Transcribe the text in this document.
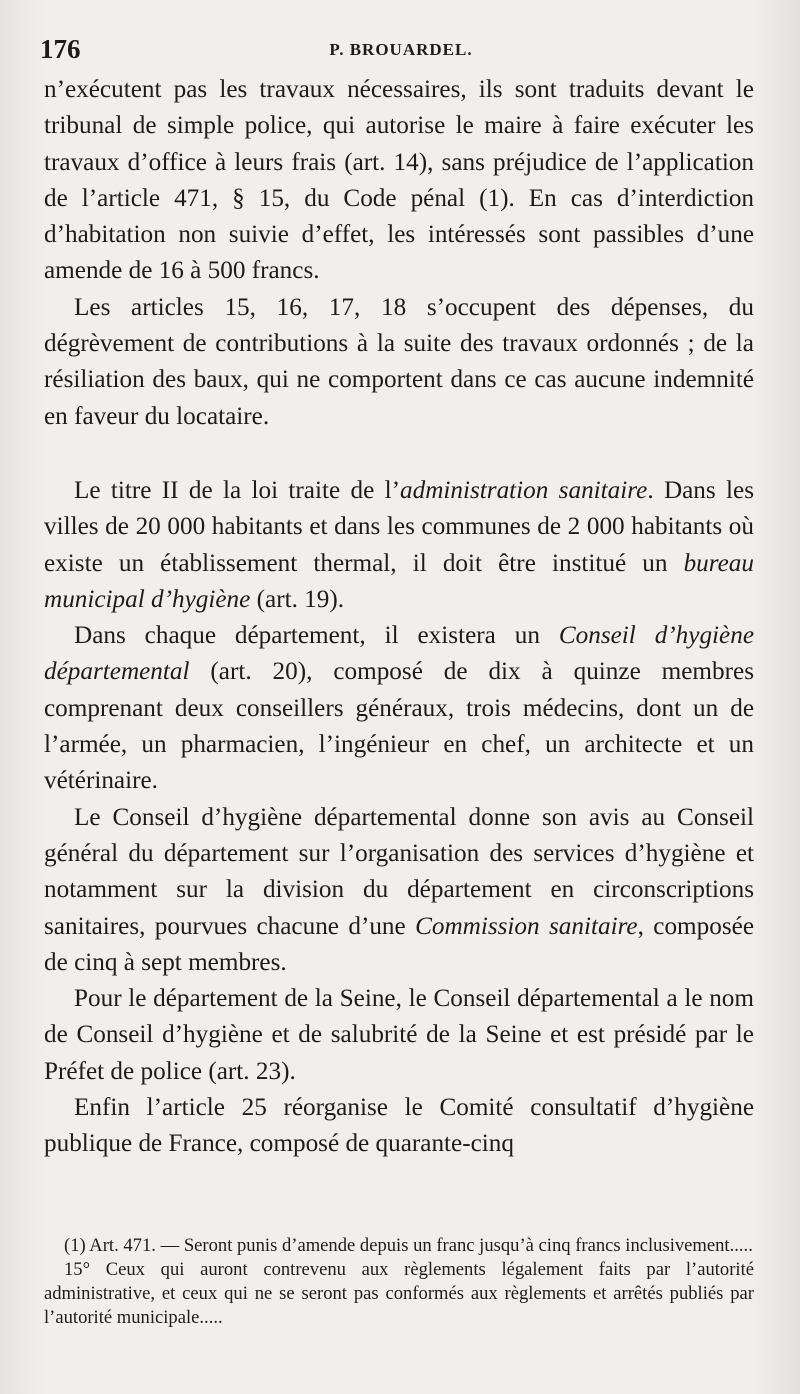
176	P. BROUARDEL.

n’exécutent pas les travaux nécessaires, ils sont traduits devant le tribunal de simple police, qui autorise le maire à faire exécuter les travaux d’office à leurs frais (art. 14), sans préjudice de l’application de l’article 471, § 15, du Code pénal (1). En cas d’interdiction d’habitation non suivie d’effet, les intéressés sont passibles d’une amende de 16 à 500 francs.

Les articles 15, 16, 17, 18 s’occupent des dépenses, du dégrèvement de contributions à la suite des travaux ordonnés ; de la résiliation des baux, qui ne comportent dans ce cas aucune indemnité en faveur du locataire.

Le titre II de la loi traite de l’administration sanitaire. Dans les villes de 20 000 habitants et dans les communes de 2 000 habitants où existe un établissement thermal, il doit être institué un bureau municipal d’hygiène (art. 19).

Dans chaque département, il existera un Conseil d’hygiène départemental (art. 20), composé de dix à quinze membres comprenant deux conseillers généraux, trois médecins, dont un de l’armée, un pharmacien, l’ingénieur en chef, un architecte et un vétérinaire.

Le Conseil d’hygiène départemental donne son avis au Conseil général du département sur l’organisation des services d’hygiène et notamment sur la division du département en circonscriptions sanitaires, pourvues chacune d’une Commission sanitaire, composée de cinq à sept membres.

Pour le département de la Seine, le Conseil départemental a le nom de Conseil d’hygiène et de salubrité de la Seine et est présidé par le Préfet de police (art. 23).

Enfin l’article 25 réorganise le Comité consultatif d’hygiène publique de France, composé de quarante-cinq

(1) Art. 471. — Seront punis d’amende depuis un franc jusqu’à cinq francs inclusivement.....

15° Ceux qui auront contrevenu aux règlements légalement faits par l’autorité administrative, et ceux qui ne se seront pas conformés aux règlements et arrêtés publiés par l’autorité municipale.....
